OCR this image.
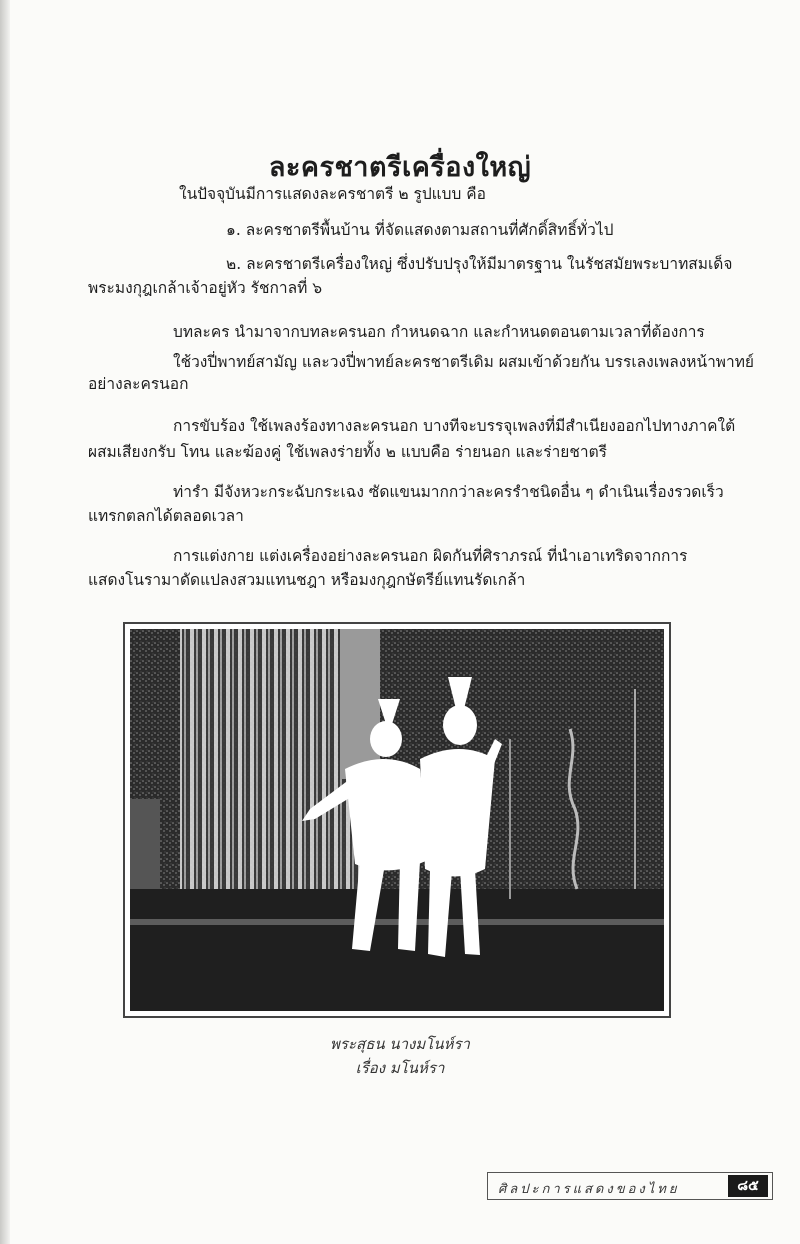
ละครชาตรีเครื่องใหญ่
ในปัจจุบันมีการแสดงละครชาตรี ๒ รูปแบบ คือ
๑. ละครชาตรีพื้นบ้าน ที่จัดแสดงตามสถานที่ศักดิ์สิทธิ์ทั่วไป
๒. ละครชาตรีเครื่องใหญ่ ซึ่งปรับปรุงให้มีมาตรฐาน ในรัชสมัยพระบาทสมเด็จ
พระมงกุฎเกล้าเจ้าอยู่หัว รัชกาลที่ ๖
บทละคร นำมาจากบทละครนอก กำหนดฉาก และกำหนดตอนตามเวลาที่ต้องการ
ใช้วงปี่พาทย์สามัญ และวงปี่พาทย์ละครชาตรีเดิม ผสมเข้าด้วยกัน บรรเลงเพลงหน้าพาทย์
อย่างละครนอก
การขับร้อง ใช้เพลงร้องทางละครนอก บางทีจะบรรจุเพลงที่มีสำเนียงออกไปทางภาคใต้
ผสมเสียงกรับ โทน และฆ้องคู่ ใช้เพลงร่ายทั้ง ๒ แบบคือ ร่ายนอก และร่ายชาตรี
ท่ารำ มีจังหวะกระฉับกระเฉง ซัดแขนมากกว่าละครรำชนิดอื่น ๆ ดำเนินเรื่องรวดเร็ว
แทรกตลกได้ตลอดเวลา
การแต่งกาย แต่งเครื่องอย่างละครนอก ผิดกันที่ศิราภรณ์ ที่นำเอาเทริดจากการ
แสดงโนรามาดัดแปลงสวมแทนชฎา หรือมงกุฎกษัตรีย์แทนรัดเกล้า
พระสุธน นางมโนห์รา
เรื่อง มโนห์รา
ศิลปะการแสดงของไทย	๘๕
